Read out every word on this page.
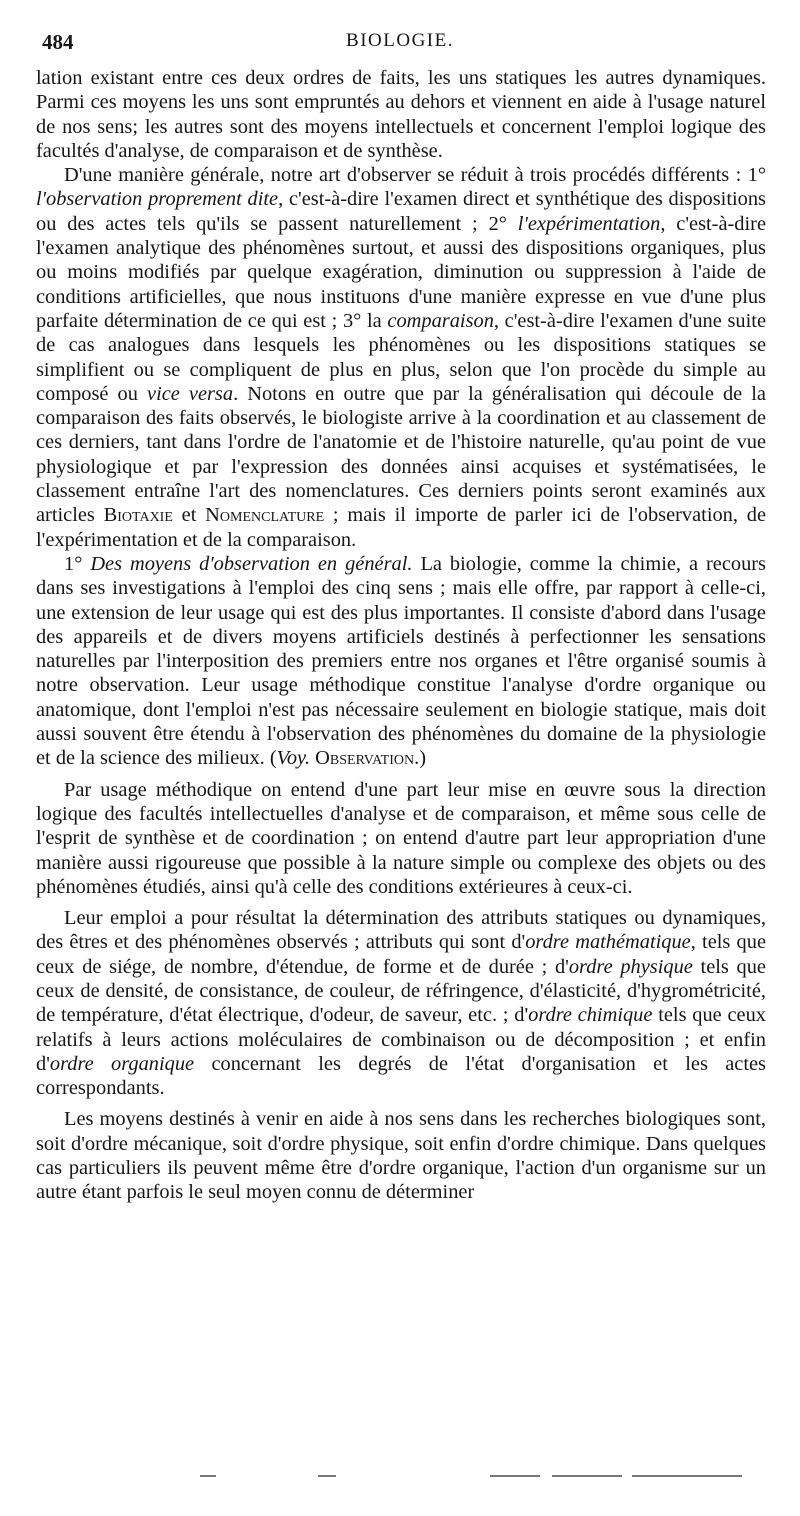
484	BIOLOGIE.

lation existant entre ces deux ordres de faits, les uns statiques les autres dynamiques. Parmi ces moyens les uns sont empruntés au dehors et viennent en aide à l'usage naturel de nos sens; les autres sont des moyens intellectuels et concernent l'emploi logique des facultés d'analyse, de comparaison et de synthèse.

D'une manière générale, notre art d'observer se réduit à trois procédés différents : 1° l'observation proprement dite, c'est-à-dire l'examen direct et synthétique des dispositions ou des actes tels qu'ils se passent naturellement ; 2° l'expérimentation, c'est-à-dire l'examen analytique des phénomènes surtout, et aussi des dispositions organiques, plus ou moins modifiés par quelque exagération, diminution ou suppression à l'aide de conditions artificielles, que nous instituons d'une manière expresse en vue d'une plus parfaite détermination de ce qui est ; 3° la comparaison, c'est-à-dire l'examen d'une suite de cas analogues dans lesquels les phénomènes ou les dispositions statiques se simplifient ou se compliquent de plus en plus, selon que l'on procède du simple au composé ou vice versa. Notons en outre que par la généralisation qui découle de la comparaison des faits observés, le biologiste arrive à la coordination et au classement de ces derniers, tant dans l'ordre de l'anatomie et de l'histoire naturelle, qu'au point de vue physiologique et par l'expression des données ainsi acquises et systématisées, le classement entraîne l'art des nomenclatures. Ces derniers points seront examinés aux articles Biotaxie et Nomenclature ; mais il importe de parler ici de l'observation, de l'expérimentation et de la comparaison.

1° Des moyens d'observation en général. La biologie, comme la chimie, a recours dans ses investigations à l'emploi des cinq sens ; mais elle offre, par rapport à celle-ci, une extension de leur usage qui est des plus importantes. Il consiste d'abord dans l'usage des appareils et de divers moyens artificiels destinés à perfectionner les sensations naturelles par l'interposition des premiers entre nos organes et l'être organisé soumis à notre observation. Leur usage méthodique constitue l'analyse d'ordre organique ou anatomique, dont l'emploi n'est pas nécessaire seulement en biologie statique, mais doit aussi souvent être étendu à l'observation des phénomènes du domaine de la physiologie et de la science des milieux. (Voy. Observation.)

Par usage méthodique on entend d'une part leur mise en œuvre sous la direction logique des facultés intellectuelles d'analyse et de comparaison, et même sous celle de l'esprit de synthèse et de coordination ; on entend d'autre part leur appropriation d'une manière aussi rigoureuse que possible à la nature simple ou complexe des objets ou des phénomènes étudiés, ainsi qu'à celle des conditions extérieures à ceux-ci.

Leur emploi a pour résultat la détermination des attributs statiques ou dynamiques, des êtres et des phénomènes observés ; attributs qui sont d'ordre mathématique, tels que ceux de siége, de nombre, d'étendue, de forme et de durée ; d'ordre physique tels que ceux de densité, de consistance, de couleur, de réfringence, d'élasticité, d'hygrométricité, de température, d'état électrique, d'odeur, de saveur, etc. ; d'ordre chimique tels que ceux relatifs à leurs actions moléculaires de combinaison ou de décomposition ; et enfin d'ordre organique concernant les degrés de l'état d'organisation et les actes correspondants.

Les moyens destinés à venir en aide à nos sens dans les recherches biologiques sont, soit d'ordre mécanique, soit d'ordre physique, soit enfin d'ordre chimique. Dans quelques cas particuliers ils peuvent même être d'ordre organique, l'action d'un organisme sur un autre étant parfois le seul moyen connu de déterminer
